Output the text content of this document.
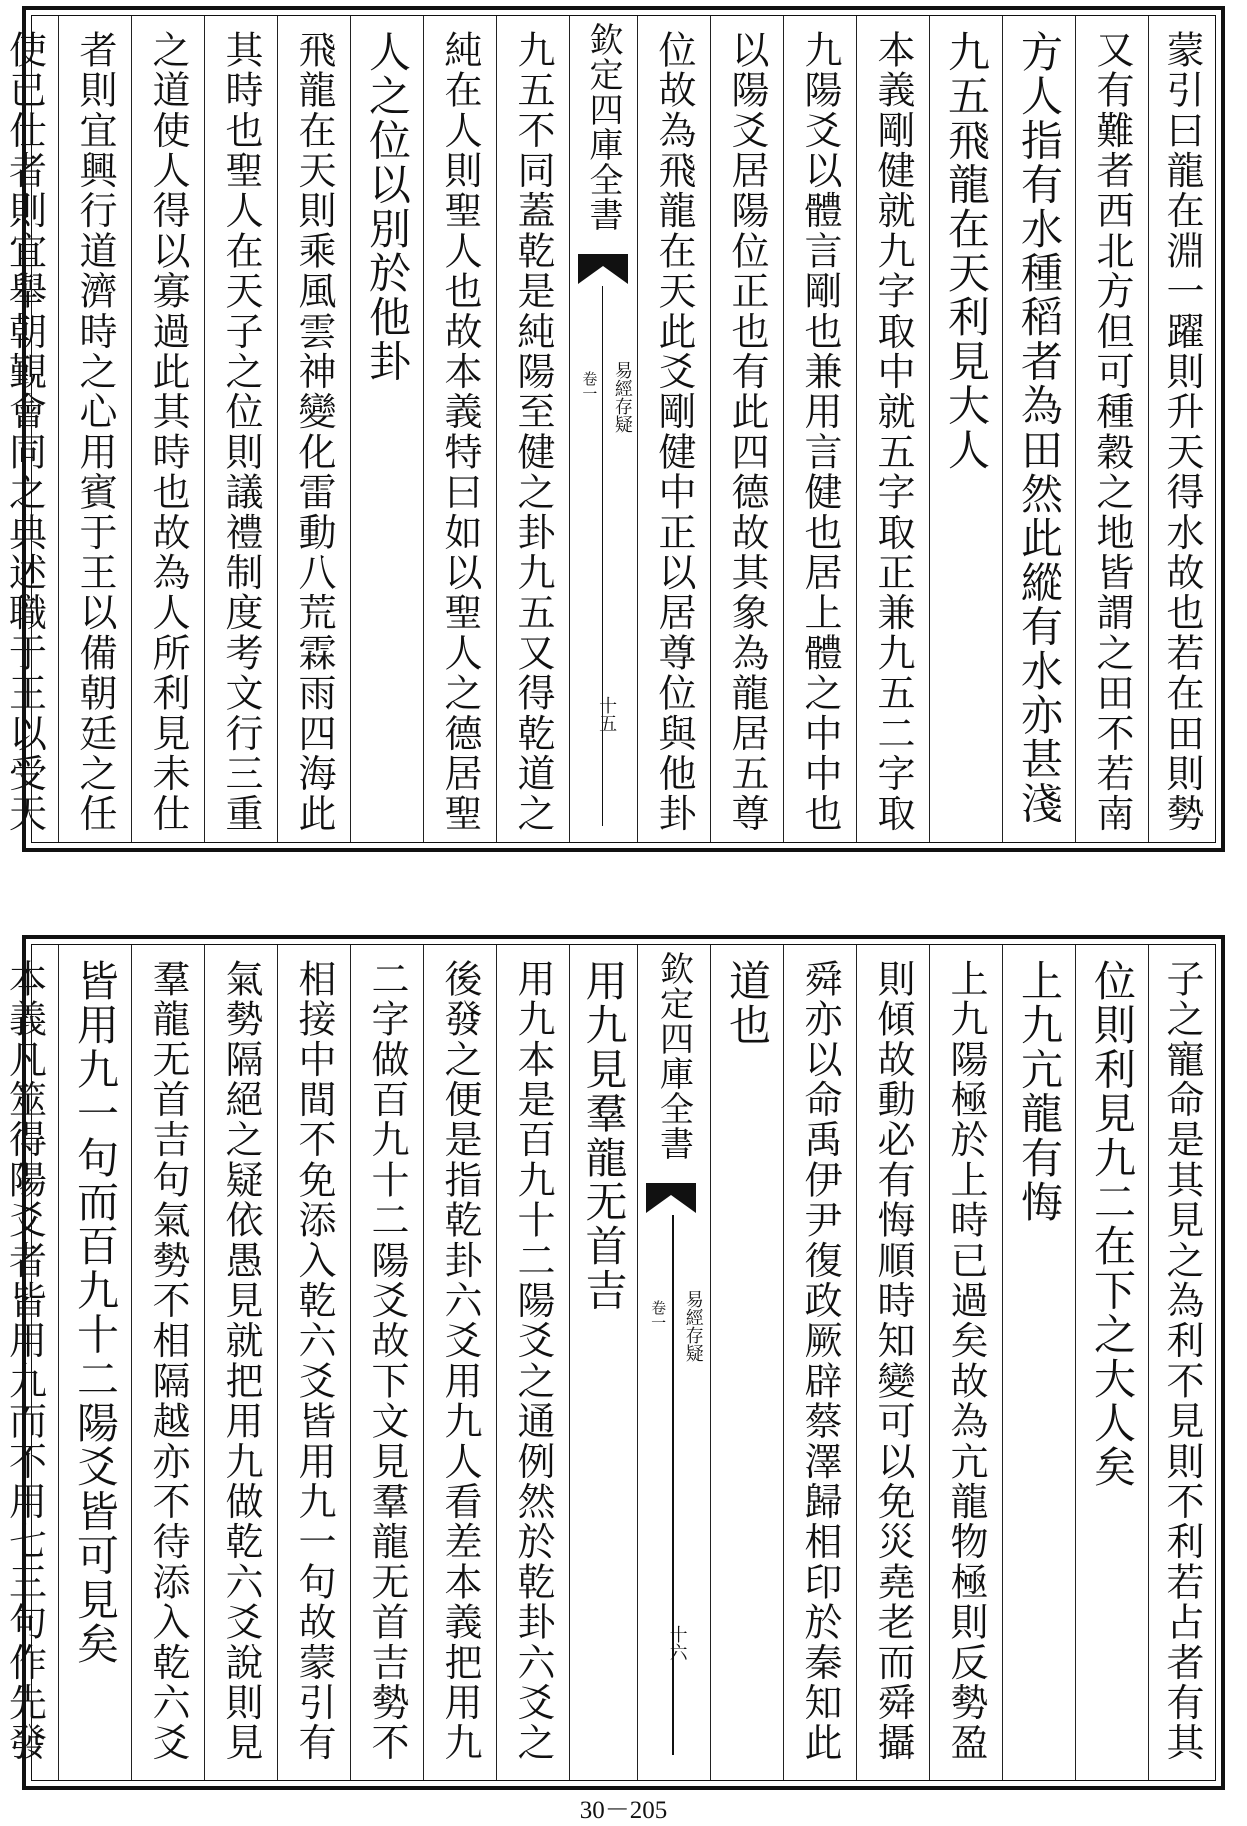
蒙引曰龍在淵一躍則升天得水故也若在田則勢
又有難者西北方但可種穀之地皆謂之田不若南
方人指有水種稻者為田然此縱有水亦甚淺
九五飛龍在天利見大人
本義剛健就九字取中就五字取正兼九五二字取
九陽爻以體言剛也兼用言健也居上體之中中也
以陽爻居陽位正也有此四德故其象為龍居五尊
位故為飛龍在天此爻剛健中正以居尊位與他卦
欽定四庫全書
易經存疑
卷一
十五
九五不同蓋乾是純陽至健之卦九五又得乾道之
純在人則聖人也故本義特曰如以聖人之德居聖
人之位以別於他卦
飛龍在天則乘風雲神變化雷動八荒霖雨四海此
其時也聖人在天子之位則議禮制度考文行三重
之道使人得以寡過此其時也故為人所利見未仕
者則宜興行道濟時之心用賓于王以備朝廷之任
使已仕者則宜舉朝覲會同之典述職于王以受天
子之寵命是其見之為利不見則不利若占者有其
位則利見九二在下之大人矣
上九亢龍有悔
上九陽極於上時已過矣故為亢龍物極則反勢盈
則傾故動必有悔順時知變可以免災堯老而舜攝
舜亦以命禹伊尹復政厥辟蔡澤歸相印於秦知此
道也
欽定四庫全書
易經存疑
卷一
十六
用九見羣龍无首吉
用九本是百九十二陽爻之通例然於乾卦六爻之
後發之便是指乾卦六爻用九人看差本義把用九
二字做百九十二陽爻故下文見羣龍无首吉勢不
相接中間不免添入乾六爻皆用九一句故蒙引有
氣勢隔絕之疑依愚見就把用九做乾六爻說則見
羣龍无首吉句氣勢不相隔越亦不待添入乾六爻
皆用九一句而百九十二陽爻皆可見矣
本義凡筮得陽爻者皆用九而不用七三句作先發
30－205
